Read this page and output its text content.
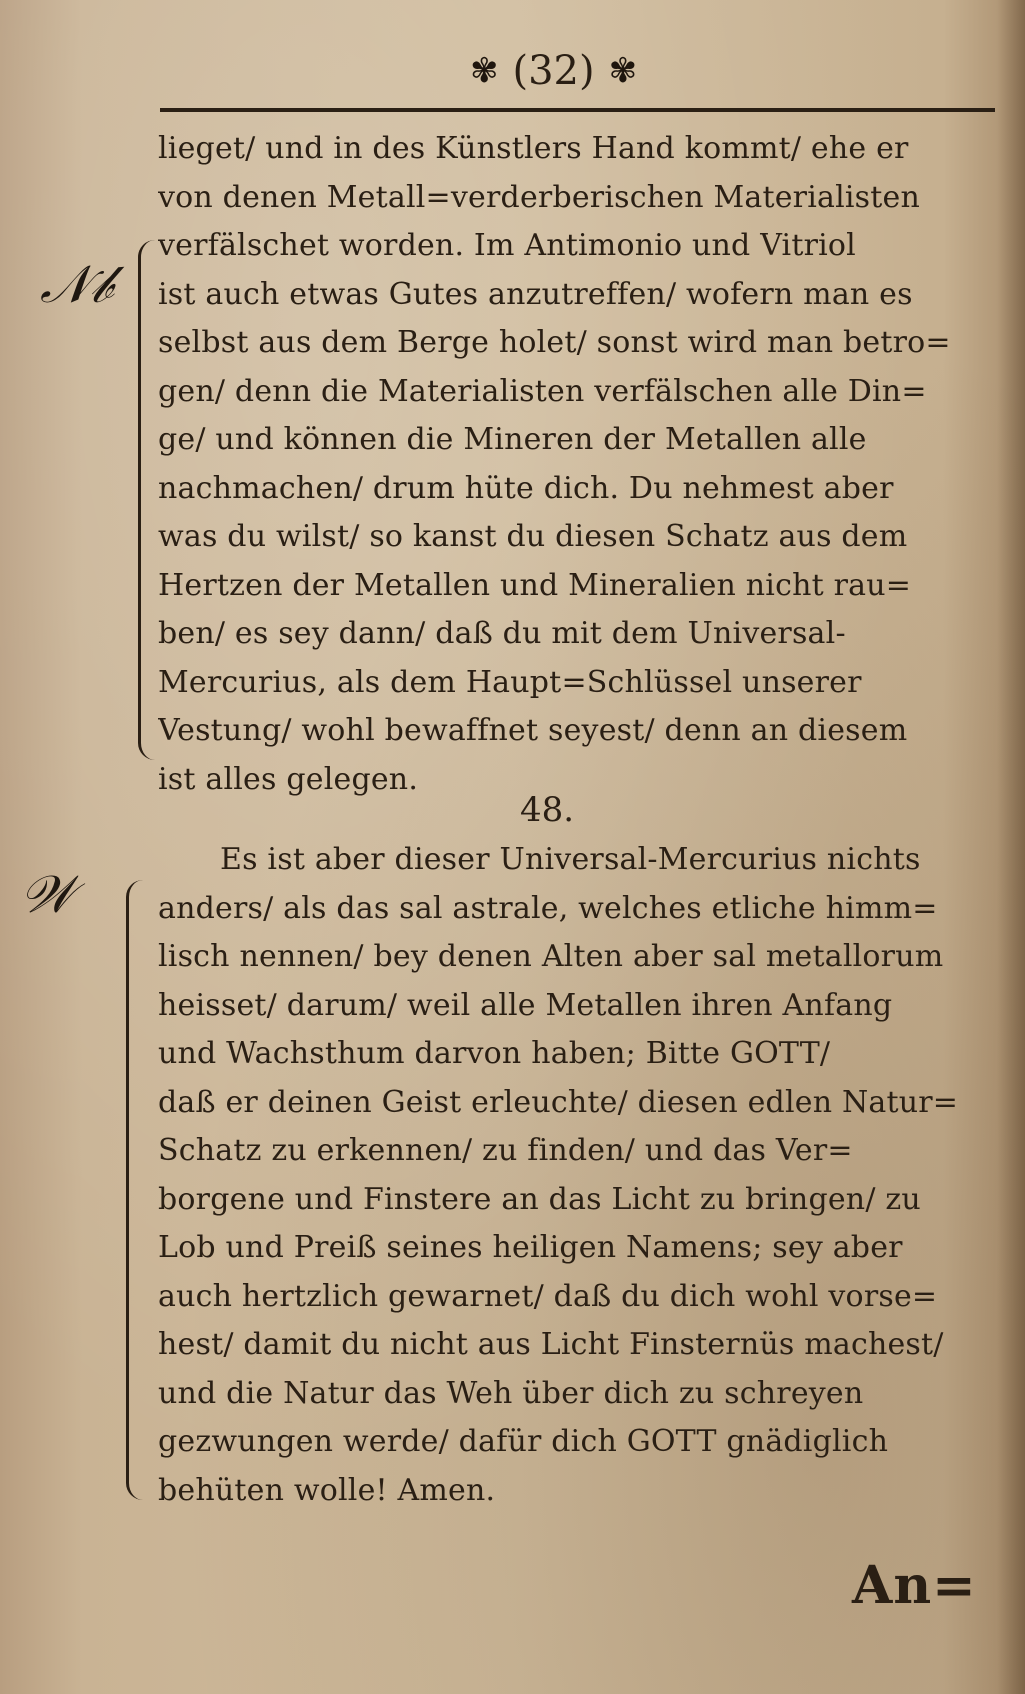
✾ (32) ✾
lieget/ und in des Künstlers Hand kommt/ ehe er
von denen Metall=verderberischen Materialisten
verfälschet worden. Im Antimonio und Vitriol
ist auch etwas Gutes anzutreffen/ wofern man es
selbst aus dem Berge holet/ sonst wird man betro=
gen/ denn die Materialisten verfälschen alle Din=
ge/ und können die Mineren der Metallen alle
nachmachen/ drum hüte dich. Du nehmest aber
was du wilst/ so kanst du diesen Schatz aus dem
Hertzen der Metallen und Mineralien nicht rau=
ben/ es sey dann/ daß du mit dem Universal-
Mercurius, als dem Haupt=Schlüssel unserer
Vestung/ wohl bewaffnet seyest/ denn an diesem
ist alles gelegen.
48.
Es ist aber dieser Universal-Mercurius nichts
anders/ als das sal astrale, welches etliche himm=
lisch nennen/ bey denen Alten aber sal metallorum
heisset/ darum/ weil alle Metallen ihren Anfang
und Wachsthum darvon haben; Bitte GOTT/
daß er deinen Geist erleuchte/ diesen edlen Natur=
Schatz zu erkennen/ zu finden/ und das Ver=
borgene und Finstere an das Licht zu bringen/ zu
Lob und Preiß seines heiligen Namens; sey aber
auch hertzlich gewarnet/ daß du dich wohl vorse=
hest/ damit du nicht aus Licht Finsternüs machest/
und die Natur das Weh über dich zu schreyen
gezwungen werde/ dafür dich GOTT gnädiglich
behüten wolle! Amen.
An=
𝒩𝒷
𝒲
